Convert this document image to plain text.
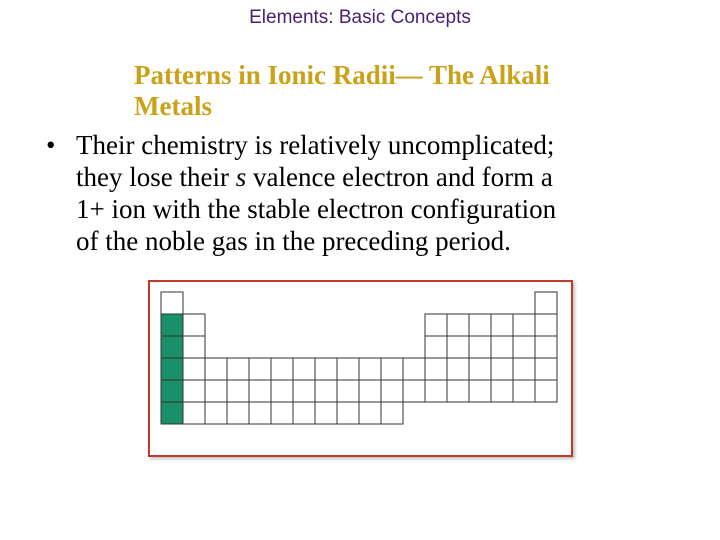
Elements: Basic Concepts
Patterns in Ionic Radii— The Alkali
Metals
• Their chemistry is relatively uncomplicated;
they lose their s valence electron and form a
1+ ion with the stable electron configuration
of the noble gas in the preceding period.
